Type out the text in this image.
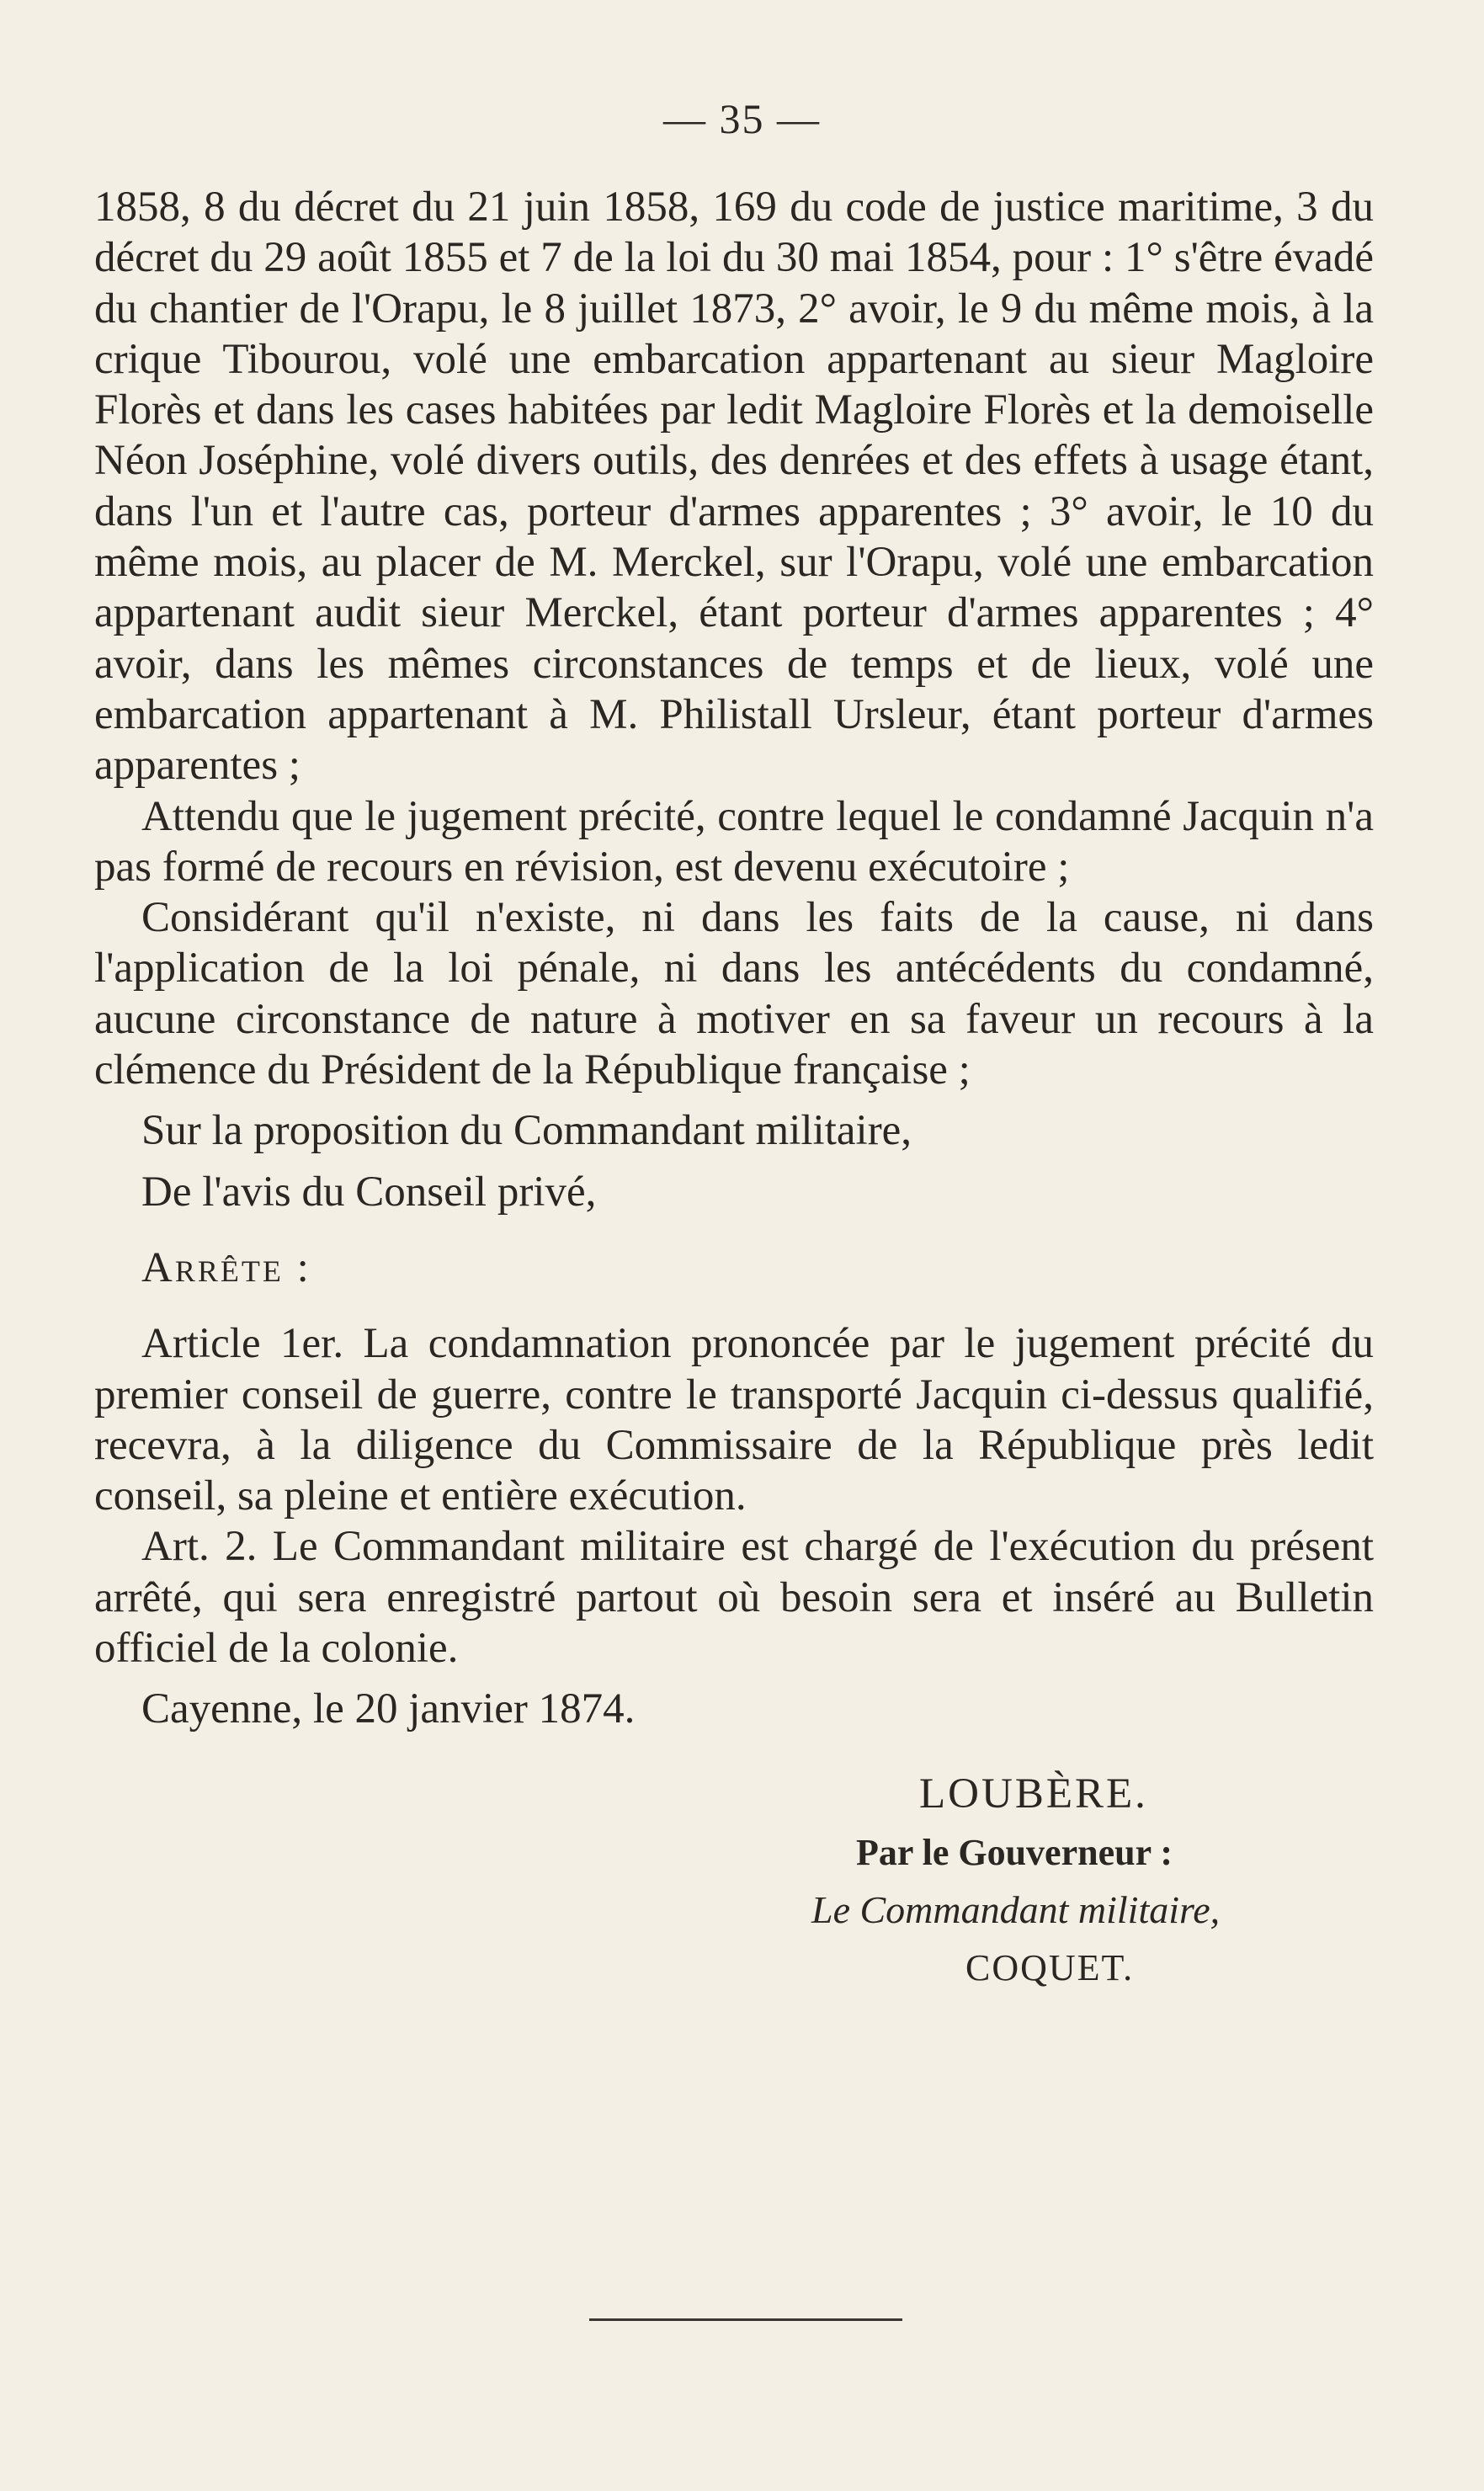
— 35 —

1858, 8 du décret du 21 juin 1858, 169 du code de justice maritime, 3 du décret du 29 août 1855 et 7 de la loi du 30 mai 1854, pour : 1° s'être évadé du chantier de l'Orapu, le 8 juillet 1873, 2° avoir, le 9 du même mois, à la crique Tibourou, volé une embarcation appartenant au sieur Magloire Florès et dans les cases habitées par ledit Magloire Florès et la demoiselle Néon Joséphine, volé divers outils, des denrées et des effets à usage étant, dans l'un et l'autre cas, porteur d'armes apparentes ; 3° avoir, le 10 du même mois, au placer de M. Merckel, sur l'Orapu, volé une embarcation appartenant audit sieur Merckel, étant porteur d'armes apparentes ; 4° avoir, dans les mêmes circonstances de temps et de lieux, volé une embarcation appartenant à M. Philistall Ursleur, étant porteur d'armes apparentes ;

Attendu que le jugement précité, contre lequel le condamné Jacquin n'a pas formé de recours en révision, est devenu exécutoire ;

Considérant qu'il n'existe, ni dans les faits de la cause, ni dans l'application de la loi pénale, ni dans les antécédents du condamné, aucune circonstance de nature à motiver en sa faveur un recours à la clémence du Président de la République française ;

Sur la proposition du Commandant militaire,

De l'avis du Conseil privé,

Arrête :

Article 1er. La condamnation prononcée par le jugement précité du premier conseil de guerre, contre le transporté Jacquin ci-dessus qualifié, recevra, à la diligence du Commissaire de la République près ledit conseil, sa pleine et entière exécution.

Art. 2. Le Commandant militaire est chargé de l'exécution du présent arrêté, qui sera enregistré partout où besoin sera et inséré au Bulletin officiel de la colonie.

Cayenne, le 20 janvier 1874.

LOUBÈRE.
Par le Gouverneur :
Le Commandant militaire,
COQUET.
